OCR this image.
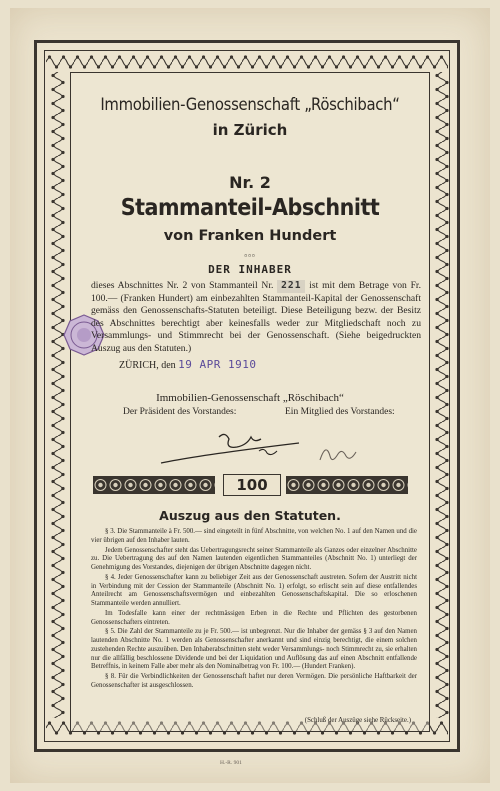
Immobilien-Genossenschaft „Röschibach“
in Zürich
Nr. 2
Stammanteil-Abschnitt
von Franken Hundert
▫▫▫
DER INHABER
dieses Abschnittes Nr. 2 von Stammanteil Nr. 221 ist mit dem Betrage von Fr. 100.— (Franken Hundert) am einbezahlten Stammanteil-Kapital der Genossenschaft gemäss den Genossenschafts-Statuten beteiligt. Diese Beteiligung bezw. der Besitz des Abschnittes berechtigt aber keinesfalls weder zur Mitgliedschaft noch zu Versammlungs- und Stimmrecht bei der Genossenschaft. (Siehe beigedruckten Auszug aus den Statuten.)
ZÜRICH, den 19 APR 1910
Immobilien-Genossenschaft „Röschibach“
Der Präsident des Vorstandes:	Ein Mitglied des Vorstandes:
100
Auszug aus den Statuten.

§ 3. Die Stammanteile à Fr. 500.— sind eingeteilt in fünf Abschnitte, von welchen No. 1 auf den Namen und die vier übrigen auf den Inhaber lauten.

Jedem Genossenschafter steht das Uebertragungsrecht seiner Stammanteile als Ganzes oder einzelner Abschnitte zu. Die Uebertragung des auf den Namen lautenden eigentlichen Stammanteiles (Abschnitt No. 1) unterliegt der Genehmigung des Vorstandes, diejenigen der übrigen Abschnitte dagegen nicht.

§ 4. Jeder Genossenschafter kann zu beliebiger Zeit aus der Genossenschaft austreten. Sofern der Austritt nicht in Verbindung mit der Cession der Stammanteile (Abschnitt No. 1) erfolgt, so erlischt sein auf diese entfallendes Anteilrecht am Genossenschaftsvermögen und einbezahlten Genossenschaftskapital. Die so erloschenen Stammanteile werden annulliert.

Im Todesfalle kann einer der rechtmässigen Erben in die Rechte und Pflichten des gestorbenen Genossenschafters eintreten.

§ 5. Die Zahl der Stammanteile zu je Fr. 500.— ist unbegrenzt. Nur die Inhaber der gemäss § 3 auf den Namen lautenden Abschnitte No. 1 werden als Genossenschafter anerkannt und sind einzig berechtigt, die einem solchen zustehenden Rechte auszuüben. Den Inhaberabschnitten steht weder Versammlungs- noch Stimmrecht zu, sie erhalten nur die allfällig beschlossene Dividende und bei der Liquidation und Auflösung das auf einen Abschnitt entfallende Betreffnis, in keinem Falle aber mehr als den Nominalbetrag von Fr. 100.— (Hundert Franken).

§ 8. Für die Verbindlichkeiten der Genossenschaft haftet nur deren Vermögen. Die persönliche Haftbarkeit der Genossenschafter ist ausgeschlossen.

(Schluß der Auszüge siehe Rückseite.)
H.-R. 901
